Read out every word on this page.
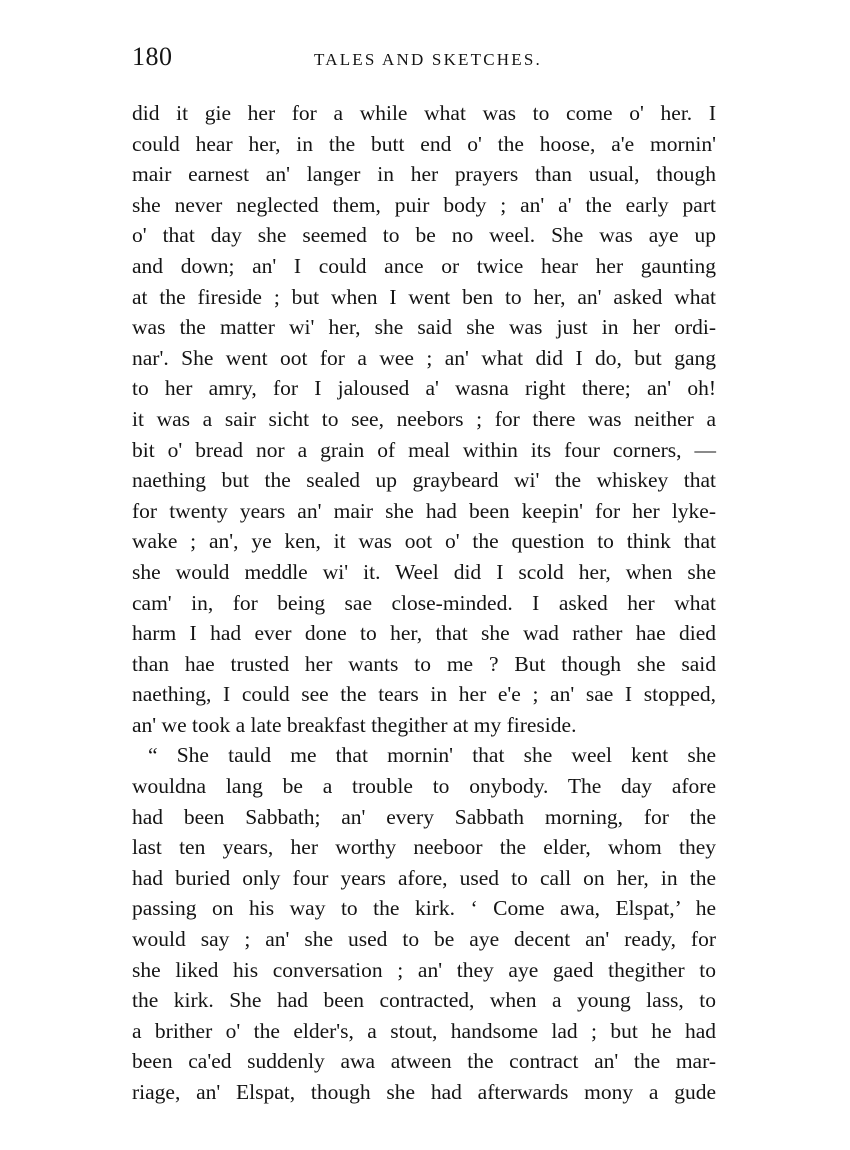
180	TALES AND SKETCHES.
did it gie her for a while what was to come o' her. I
could hear her, in the butt end o' the hoose, a'e mornin'
mair earnest an' langer in her prayers than usual, though
she never neglected them, puir body ; an' a' the early part
o' that day she seemed to be no weel. She was aye up
and down; an' I could ance or twice hear her gaunting
at the fireside ; but when I went ben to her, an' asked what
was the matter wi' her, she said she was just in her ordi-
nar'. She went oot for a wee ; an' what did I do, but gang
to her amry, for I jaloused a' wasna right there; an' oh!
it was a sair sicht to see, neebors ; for there was neither a
bit o' bread nor a grain of meal within its four corners, —
naething but the sealed up graybeard wi' the whiskey that
for twenty years an' mair she had been keepin' for her lyke-
wake ; an', ye ken, it was oot o' the question to think that
she would meddle wi' it. Weel did I scold her, when she
cam' in, for being sae close-minded. I asked her what
harm I had ever done to her, that she wad rather hae died
than hae trusted her wants to me ? But though she said
naething, I could see the tears in her e'e ; an' sae I stopped,
an' we took a late breakfast thegither at my fireside.
“ She tauld me that mornin' that she weel kent she
wouldna lang be a trouble to onybody. The day afore
had been Sabbath; an' every Sabbath morning, for the
last ten years, her worthy neeboor the elder, whom they
had buried only four years afore, used to call on her, in the
passing on his way to the kirk. ‘ Come awa, Elspat,’ he
would say ; an' she used to be aye decent an' ready, for
she liked his conversation ; an' they aye gaed thegither to
the kirk. She had been contracted, when a young lass, to
a brither o' the elder's, a stout, handsome lad ; but he had
been ca'ed suddenly awa atween the contract an' the mar-
riage, an' Elspat, though she had afterwards mony a gude
